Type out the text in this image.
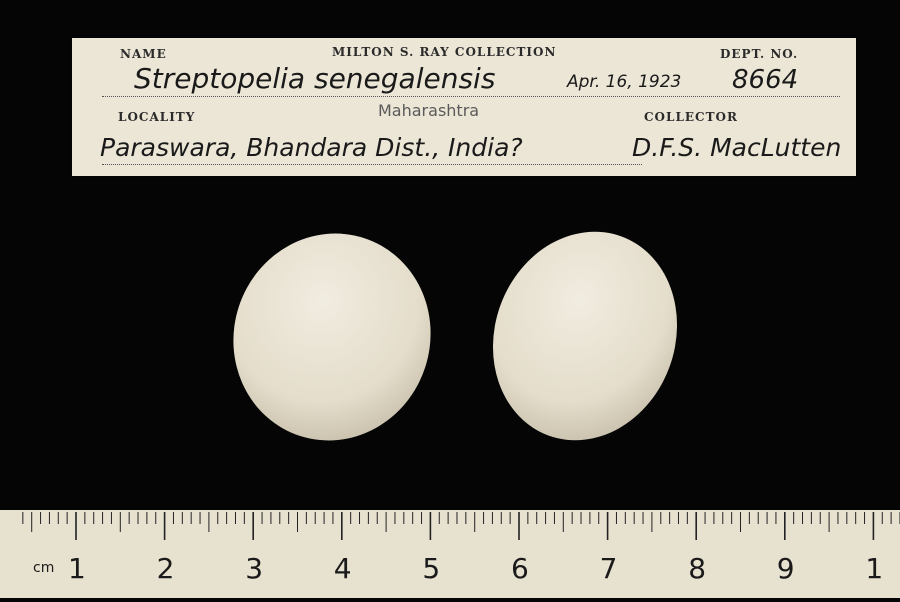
NAME	MILTON S. RAY COLLECTION	DEPT. NO.
Streptopelia senegalensis	Apr. 16, 1923 8664
LOCALITY	Maharashtra	COLLECTOR
Paraswara, Bhandara Dist., India?	D.F.S. MacLutten
cm 1	2	3	4	5	6	7	8	9	1
